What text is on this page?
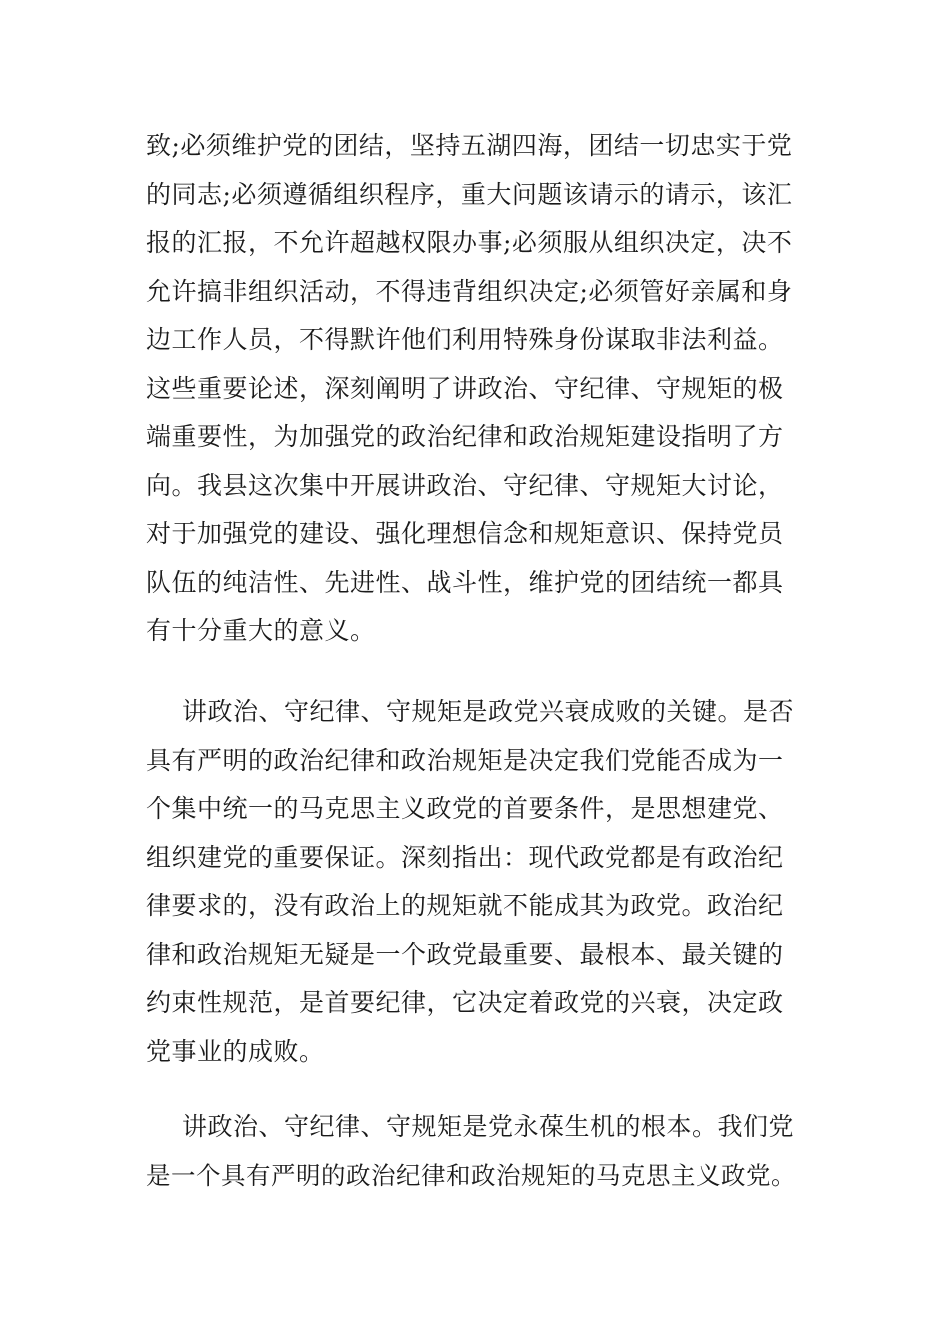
致;必须维护党的团结，坚持五湖四海，团结一切忠实于党
的同志;必须遵循组织程序，重大问题该请示的请示，该汇
报的汇报，不允许超越权限办事;必须服从组织决定，决不
允许搞非组织活动，不得违背组织决定;必须管好亲属和身
边工作人员，不得默许他们利用特殊身份谋取非法利益。
这些重要论述，深刻阐明了讲政治、守纪律、守规矩的极
端重要性，为加强党的政治纪律和政治规矩建设指明了方
向。我县这次集中开展讲政治、守纪律、守规矩大讨论，
对于加强党的建设、强化理想信念和规矩意识、保持党员
队伍的纯洁性、先进性、战斗性，维护党的团结统一都具
有十分重大的意义。
讲政治、守纪律、守规矩是政党兴衰成败的关键。是否
具有严明的政治纪律和政治规矩是决定我们党能否成为一
个集中统一的马克思主义政党的首要条件，是思想建党、
组织建党的重要保证。深刻指出：现代政党都是有政治纪
律要求的，没有政治上的规矩就不能成其为政党。政治纪
律和政治规矩无疑是一个政党最重要、最根本、最关键的
约束性规范，是首要纪律，它决定着政党的兴衰，决定政
党事业的成败。
讲政治、守纪律、守规矩是党永葆生机的根本。我们党
是一个具有严明的政治纪律和政治规矩的马克思主义政党。
